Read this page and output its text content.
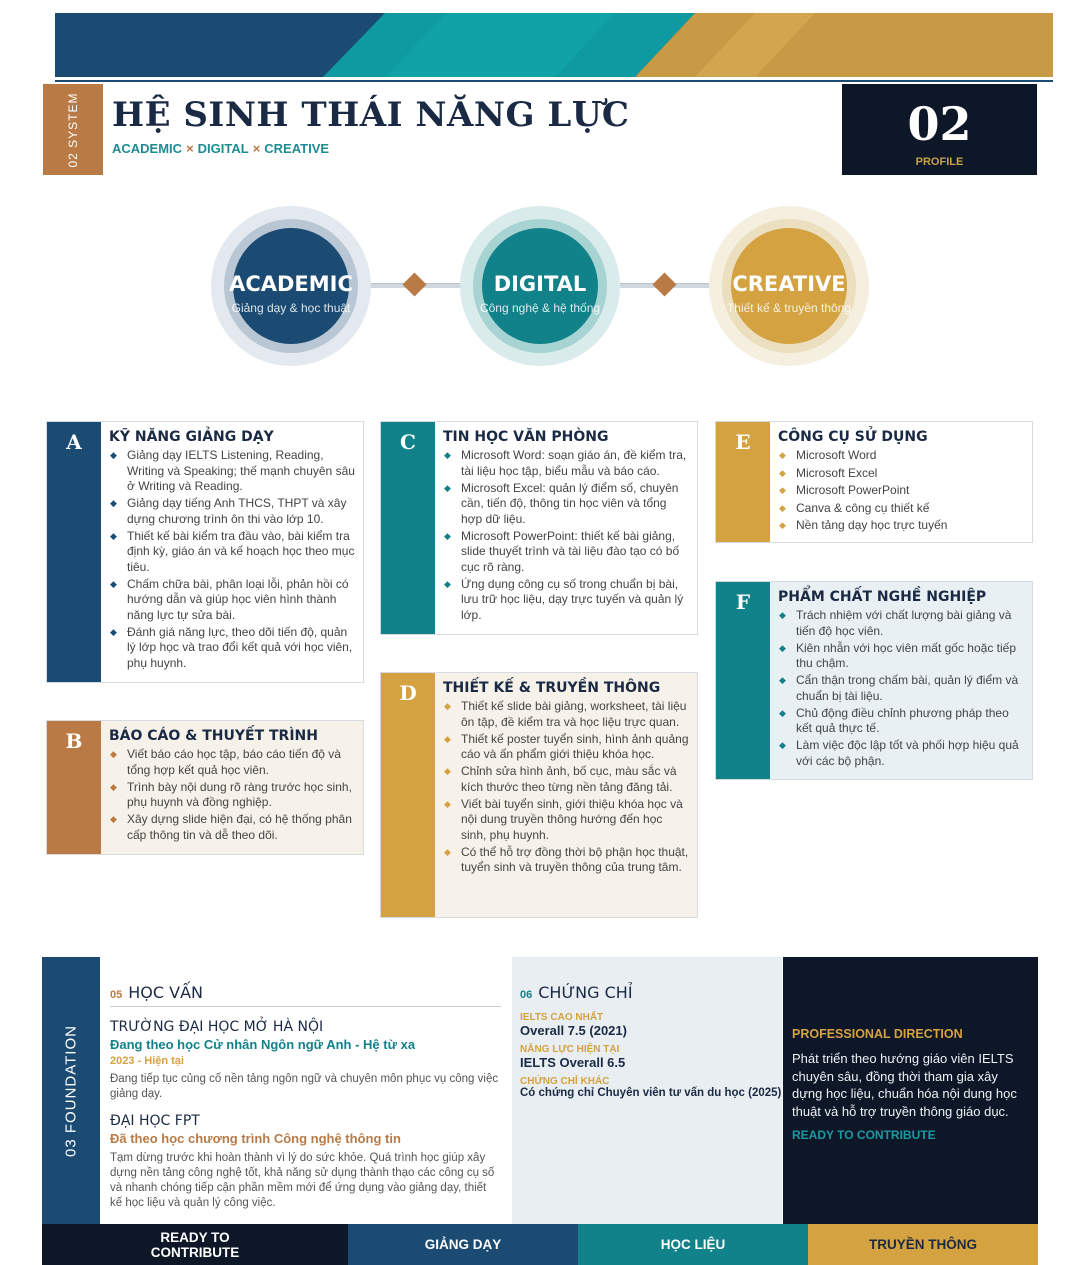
02 SYSTEM HỆ SINH THÁI NĂNG LỰC
ACADEMIC × DIGITAL × CREATIVE	02
PROFILE
ACADEMIC
Giảng dạy & học thuật
DIGITAL
Công nghệ & hệ thống
CREATIVE
Thiết kế & truyền thông
A	KỸ NĂNG GIẢNG DẠY
◆ Giảng dạy IELTS Listening, Reading, Writing và Speaking; thế mạnh chuyên sâu ở Writing và Reading.
◆ Giảng dạy tiếng Anh THCS, THPT và xây dựng chương trình ôn thi vào lớp 10.
◆ Thiết kế bài kiểm tra đầu vào, bài kiểm tra định kỳ, giáo án và kế hoạch học theo mục tiêu.
◆ Chấm chữa bài, phân loại lỗi, phản hồi có hướng dẫn và giúp học viên hình thành năng lực tự sửa bài.
◆ Đánh giá năng lực, theo dõi tiến độ, quản lý lớp học và trao đổi kết quả với học viên, phụ huynh.
B	BÁO CÁO & THUYẾT TRÌNH
◆ Viết báo cáo học tập, báo cáo tiến độ và tổng hợp kết quả học viên.
◆ Trình bày nội dung rõ ràng trước học sinh, phụ huynh và đồng nghiệp.
◆ Xây dựng slide hiện đại, có hệ thống phân cấp thông tin và dễ theo dõi.
C	TIN HỌC VĂN PHÒNG
◆ Microsoft Word: soạn giáo án, đề kiểm tra, tài liệu học tập, biểu mẫu và báo cáo.
◆ Microsoft Excel: quản lý điểm số, chuyên cần, tiến độ, thông tin học viên và tổng hợp dữ liệu.
◆ Microsoft PowerPoint: thiết kế bài giảng, slide thuyết trình và tài liệu đào tạo có bố cục rõ ràng.
◆ Ứng dụng công cụ số trong chuẩn bị bài, lưu trữ học liệu, dạy trực tuyến và quản lý lớp.
D	THIẾT KẾ & TRUYỀN THÔNG
◆ Thiết kế slide bài giảng, worksheet, tài liệu ôn tập, đề kiểm tra và học liệu trực quan.
◆ Thiết kế poster tuyển sinh, hình ảnh quảng cáo và ấn phẩm giới thiệu khóa học.
◆ Chỉnh sửa hình ảnh, bố cục, màu sắc và kích thước theo từng nền tảng đăng tải.
◆ Viết bài tuyển sinh, giới thiệu khóa học và nội dung truyền thông hướng đến học sinh, phụ huynh.
◆ Có thể hỗ trợ đồng thời bộ phận học thuật, tuyển sinh và truyền thông của trung tâm.
E	CÔNG CỤ SỬ DỤNG
◆ Microsoft Word
◆ Microsoft Excel
◆ Microsoft PowerPoint
◆ Canva & công cụ thiết kế
◆ Nền tảng dạy học trực tuyến
F	PHẨM CHẤT NGHỀ NGHIỆP
◆ Trách nhiệm với chất lượng bài giảng và tiến độ học viên.
◆ Kiên nhẫn với học viên mất gốc hoặc tiếp thu chậm.
◆ Cẩn thận trong chấm bài, quản lý điểm và chuẩn bị tài liệu.
◆ Chủ động điều chỉnh phương pháp theo kết quả thực tế.
◆ Làm việc độc lập tốt và phối hợp hiệu quả với các bộ phận.
03 FOUNDATION
05 HỌC VẤN
TRƯỜNG ĐẠI HỌC MỞ HÀ NỘI
Đang theo học Cử nhân Ngôn ngữ Anh - Hệ từ xa
2023 - Hiện tại
Đang tiếp tục củng cố nền tảng ngôn ngữ và chuyên môn phục vụ công việc giảng dạy.
ĐẠI HỌC FPT
Đã theo học chương trình Công nghệ thông tin
Tạm dừng trước khi hoàn thành vì lý do sức khỏe. Quá trình học giúp xây dựng nền tảng công nghệ tốt, khả năng sử dụng thành thạo các công cụ số và nhanh chóng tiếp cận phần mềm mới để ứng dụng vào giảng dạy, thiết kế học liệu và quản lý công việc.
06 CHỨNG CHỈ
IELTS CAO NHẤT
Overall 7.5 (2021)
NĂNG LỰC HIỆN TẠI
IELTS Overall 6.5
CHỨNG CHỈ KHÁC
Có chứng chỉ Chuyên viên tư vấn du học (2025)
PROFESSIONAL DIRECTION
Phát triển theo hướng giáo viên IELTS chuyên sâu, đồng thời tham gia xây dựng học liệu, chuẩn hóa nội dung học thuật và hỗ trợ truyền thông giáo dục.
READY TO CONTRIBUTE
READY TO CONTRIBUTE	GIẢNG DẠY	HỌC LIỆU	TRUYỀN THÔNG
